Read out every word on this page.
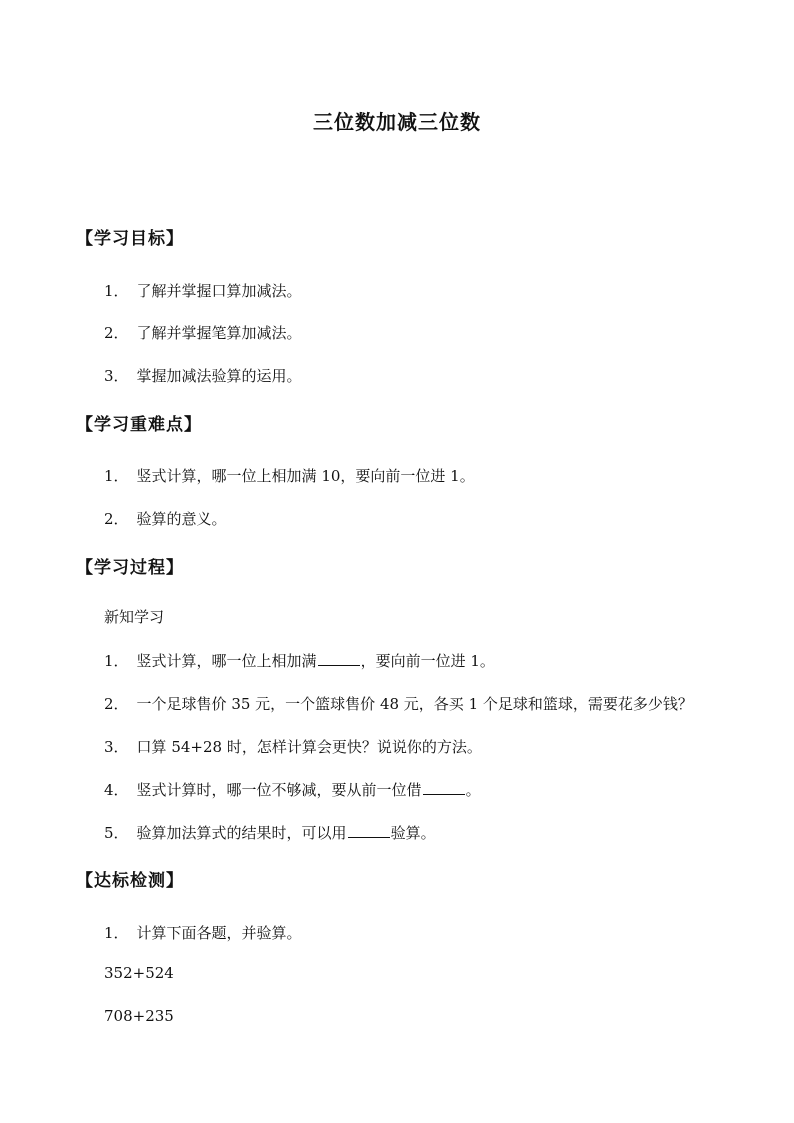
三位数加减三位数
【学习目标】
1． 了解并掌握口算加减法。
2． 了解并掌握笔算加减法。
3． 掌握加减法验算的运用。
【学习重难点】
1． 竖式计算，哪一位上相加满 10，要向前一位进 1。
2． 验算的意义。
【学习过程】
新知学习
1． 竖式计算，哪一位上相加满	，要向前一位进 1。
2． 一个足球售价 35 元，一个篮球售价 48 元，各买 1 个足球和篮球，需要花多少钱？
3． 口算 54+28 时，怎样计算会更快？说说你的方法。
4． 竖式计算时，哪一位不够减，要从前一位借	。
5． 验算加法算式的结果时，可以用	验算。
【达标检测】
1． 计算下面各题，并验算。
352+524
708+235
